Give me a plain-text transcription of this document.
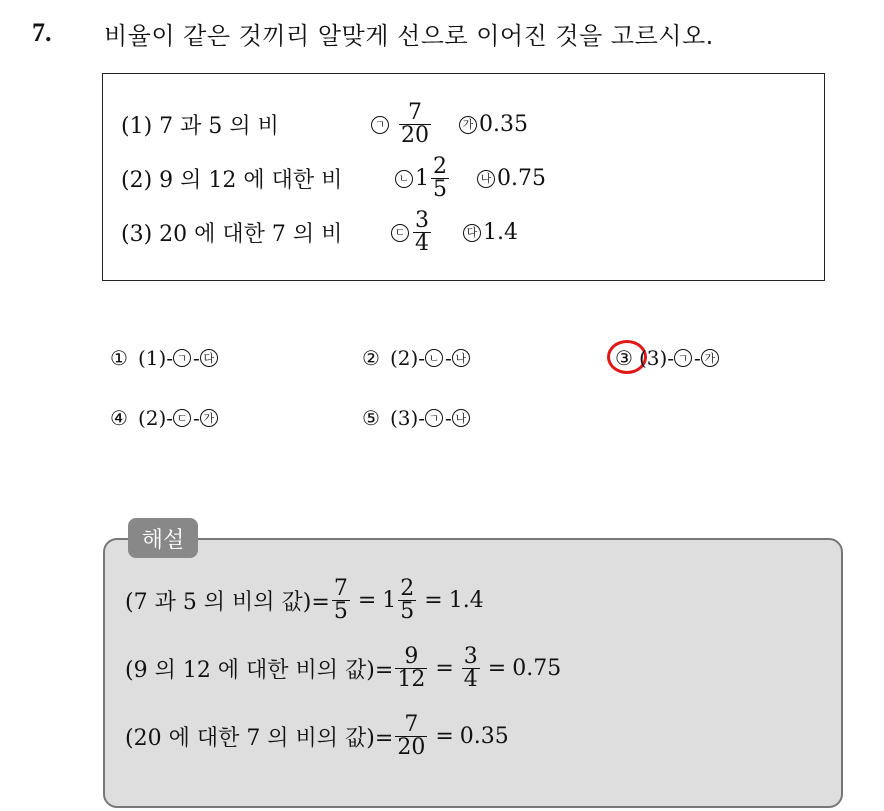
7. 비율이 같은 것끼리 알맞게 선으로 이어진 것을 고르시오.
(1) 7 과 5 의 비	ㄱ $\frac{7}{20}$	가 0.35
(2) 9 의 12 에 대한 비	ㄴ $1 \frac{2}{5}$	나 0.75
(3) 20 에 대한 7 의 비	ㄷ $\frac{3}{4}$	다 1.4
① (1)- ㄱ - 다	② (2)- ㄴ - 나	③ (3)- ㄱ - 가
④ (2)- ㄷ - 가	⑤ (3)- ㄱ - 나
(7 과 5 의 비의 값)= $\frac{7}{5} = 1 \frac{2}{5} = 1.4$
(9 의 12 에 대한 비의 값)= $\frac{9}{12} = \frac{3}{4} = 0.75$
(20 에 대한 7 의 비의 값)= $\frac{7}{20} = 0.35$
해설
